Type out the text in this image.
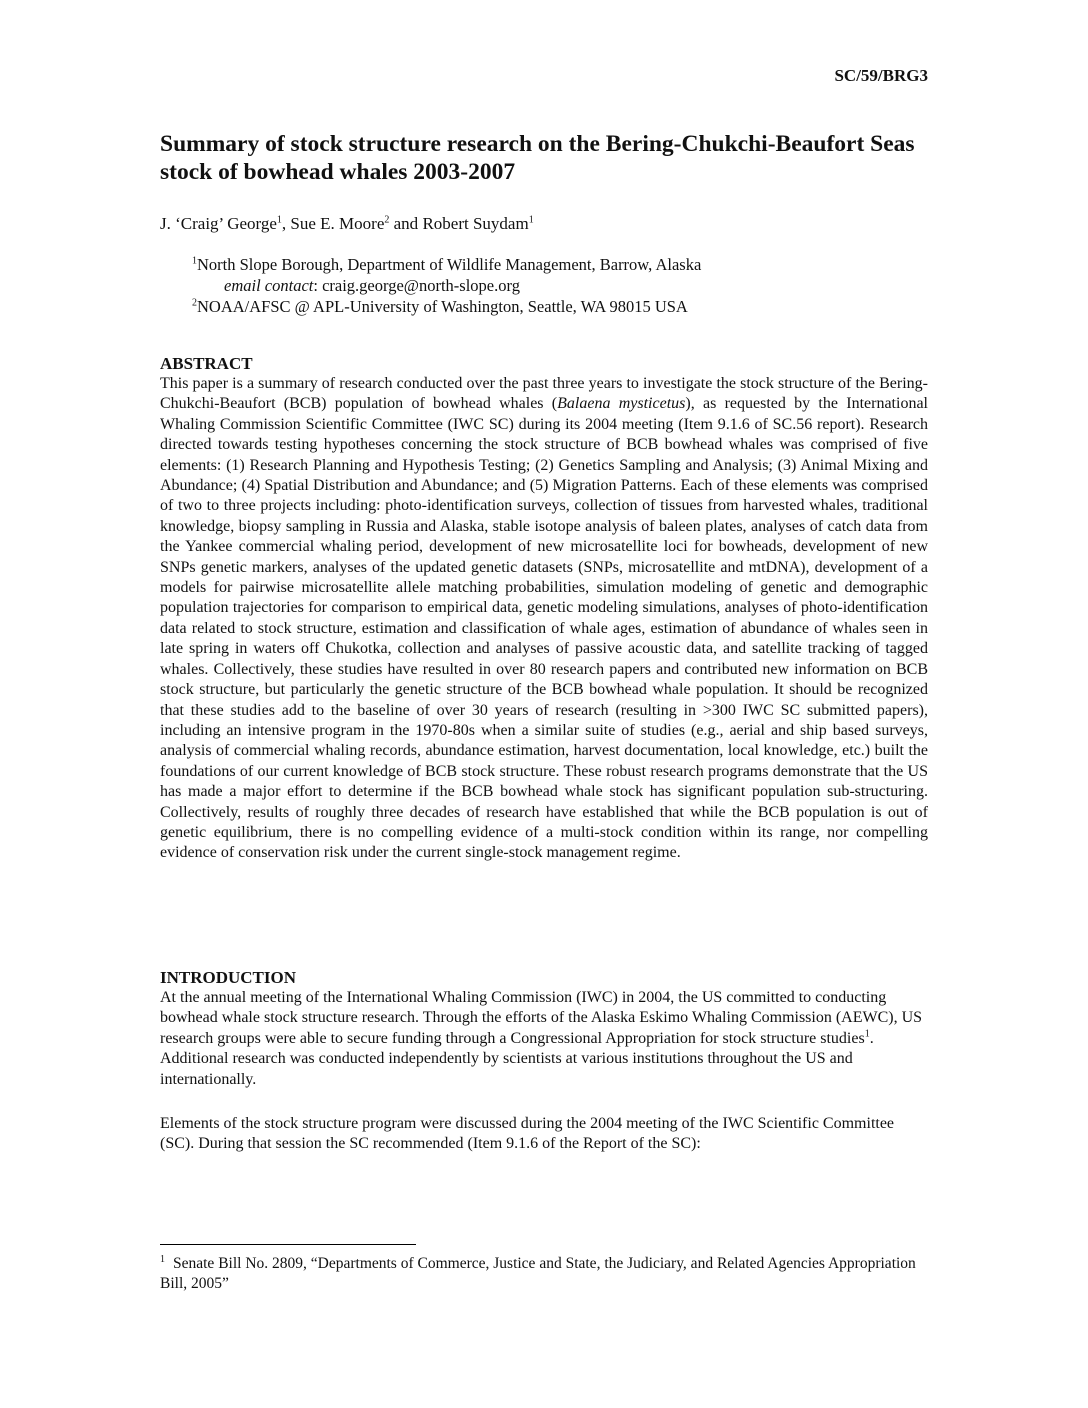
SC/59/BRG3
Summary of stock structure research on the Bering-Chukchi-Beaufort Seas stock of bowhead whales 2003-2007
J. ‘Craig’ George$^1$, Sue E. Moore$^2$ and Robert Suydam$^1$
$^1$North Slope Borough, Department of Wildlife Management, Barrow, Alaska
email contact: craig.george@north-slope.org
$^2$NOAA/AFSC @ APL-University of Washington, Seattle, WA 98015 USA
ABSTRACT

This paper is a summary of research conducted over the past three years to investigate the stock structure of the Bering-Chukchi-Beaufort (BCB) population of bowhead whales (Balaena mysticetus), as requested by the International Whaling Commission Scientific Committee (IWC SC) during its 2004 meeting (Item 9.1.6 of SC.56 report). Research directed towards testing hypotheses concerning the stock structure of BCB bowhead whales was comprised of five elements: (1) Research Planning and Hypothesis Testing; (2) Genetics Sampling and Analysis; (3) Animal Mixing and Abundance; (4) Spatial Distribution and Abundance; and (5) Migration Patterns. Each of these elements was comprised of two to three projects including: photo-identification surveys, collection of tissues from harvested whales, traditional knowledge, biopsy sampling in Russia and Alaska, stable isotope analysis of baleen plates, analyses of catch data from the Yankee commercial whaling period, development of new microsatellite loci for bowheads, development of new SNPs genetic markers, analyses of the updated genetic datasets (SNPs, microsatellite and mtDNA), development of a models for pairwise microsatellite allele matching probabilities, simulation modeling of genetic and demographic population trajectories for comparison to empirical data, genetic modeling simulations, analyses of photo-identification data related to stock structure, estimation and classification of whale ages, estimation of abundance of whales seen in late spring in waters off Chukotka, collection and analyses of passive acoustic data, and satellite tracking of tagged whales. Collectively, these studies have resulted in over 80 research papers and contributed new information on BCB stock structure, but particularly the genetic structure of the BCB bowhead whale population. It should be recognized that these studies add to the baseline of over 30 years of research (resulting in >300 IWC SC submitted papers), including an intensive program in the 1970-80s when a similar suite of studies (e.g., aerial and ship based surveys, analysis of commercial whaling records, abundance estimation, harvest documentation, local knowledge, etc.) built the foundations of our current knowledge of BCB stock structure. These robust research programs demonstrate that the US has made a major effort to determine if the BCB bowhead whale stock has significant population sub-structuring. Collectively, results of roughly three decades of research have established that while the BCB population is out of genetic equilibrium, there is no compelling evidence of a multi-stock condition within its range, nor compelling evidence of conservation risk under the current single-stock management regime.

INTRODUCTION

At the annual meeting of the International Whaling Commission (IWC) in 2004, the US committed to conducting bowhead whale stock structure research. Through the efforts of the Alaska Eskimo Whaling Commission (AEWC), US research groups were able to secure funding through a Congressional Appropriation for stock structure studies$^1$. Additional research was conducted independently by scientists at various institutions throughout the US and internationally.

Elements of the stock structure program were discussed during the 2004 meeting of the IWC Scientific Committee (SC). During that session the SC recommended (Item 9.1.6 of the Report of the SC):

$^1$ Senate Bill No. 2809, “Departments of Commerce, Justice and State, the Judiciary, and Related Agencies Appropriation Bill, 2005”
